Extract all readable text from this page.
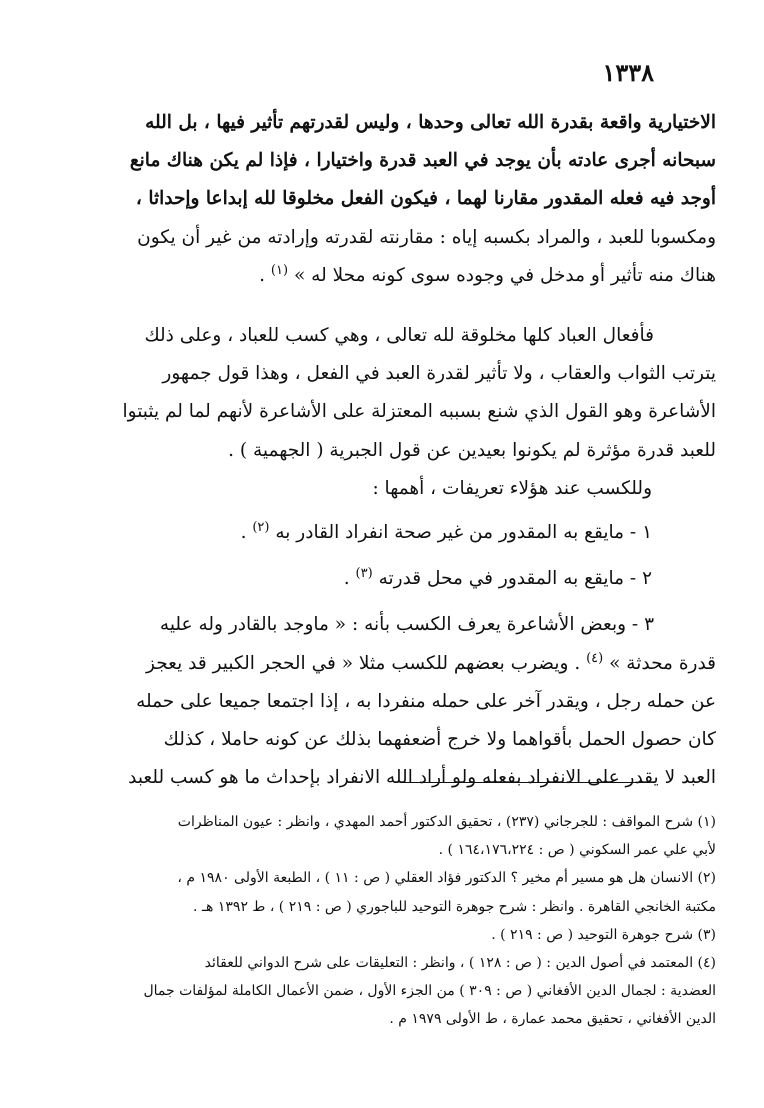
١٣٣٨

الاختيارية واقعة بقدرة الله تعالى وحدها ، وليس لقدرتهم تأثير فيها ، بل الله
سبحانه أجرى عادته بأن يوجد في العبد قدرة واختيارا ، فإذا لم يكن هناك مانع
أوجد فيه فعله المقدور مقارنا لهما ، فيكون الفعل مخلوقا لله إبداعا وإحداثا ،
ومكسوبا للعبد ، والمراد بكسبه إياه : مقارنته لقدرته وإرادته من غير أن يكون
هناك منه تأثير أو مدخل في وجوده سوى كونه محلا له » $^{(١)}$ .

فأفعال العباد كلها مخلوقة لله تعالى ، وهي كسب للعباد ، وعلى ذلك
يترتب الثواب والعقاب ، ولا تأثير لقدرة العبد في الفعل ، وهذا قول جمهور
الأشاعرة وهو القول الذي شنع بسببه المعتزلة على الأشاعرة لأنهم لما لم يثبتوا
للعبد قدرة مؤثرة لم يكونوا بعيدين عن قول الجبرية ( الجهمية ) .

وللكسب عند هؤلاء تعريفات ، أهمها :

١ - مايقع به المقدور من غير صحة انفراد القادر به $^{(٢)}$ .

٢ - مايقع به المقدور في محل قدرته $^{(٣)}$ .

٣ - وبعض الأشاعرة يعرف الكسب بأنه : « ماوجد بالقادر وله عليه
قدرة محدثة » $^{(٤)}$ . ويضرب بعضهم للكسب مثلا « في الحجر الكبير قد يعجز
عن حمله رجل ، ويقدر آخر على حمله منفردا به ، إذا اجتمعا جميعا على حمله
كان حصول الحمل بأقواهما ولا خرج أضعفهما بذلك عن كونه حاملا ، كذلك
العبد لا يقدر على الانفراد بفعله ولو أراد الله الانفراد بإحداث ما هو كسب للعبد

(١) شرح المواقف : للجرجاني (٢٣٧) ، تحقيق الدكتور أحمد المهدي ، وانظر : عيون المناظرات
لأبي علي عمر السكوني ( ص : ١٦٤،١٧٦،٢٢٤ ) .

(٢) الانسان هل هو مسير أم مخير ؟ الدكتور فؤاد العقلي ( ص : ١١ ) ، الطبعة الأولى ١٩٨٠ م ،
مكتبة الخانجي القاهرة . وانظر : شرح جوهرة التوحيد للباجوري ( ص : ٢١٩ ) ، ط ١٣٩٢ هـ .

(٣) شرح جوهرة التوحيد ( ص : ٢١٩ ) .

(٤) المعتمد في أصول الدين : ( ص : ١٢٨ ) ، وانظر : التعليقات على شرح الدواني للعقائد
العضدية : لجمال الدين الأفغاني ( ص : ٣٠٩ ) من الجزء الأول ، ضمن الأعمال الكاملة لمؤلفات جمال
الدين الأفغاني ، تحقيق محمد عمارة ، ط الأولى ١٩٧٩ م .
